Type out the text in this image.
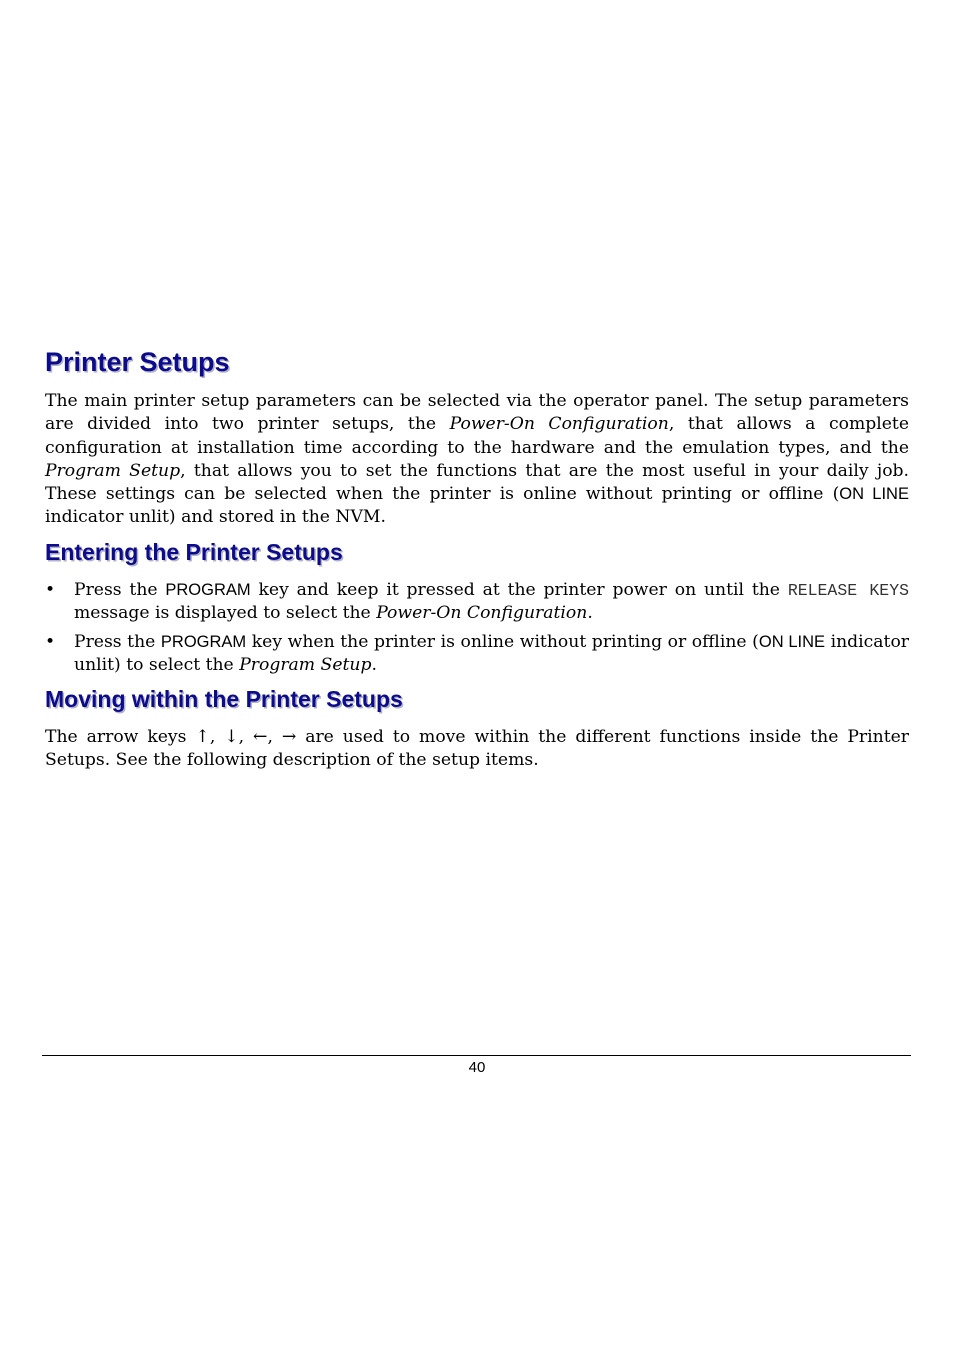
Printer Setups

The main printer setup parameters can be selected via the operator panel. The setup parameters are divided into two printer setups, the Power-On Configuration, that allows a complete configuration at installation time according to the hardware and the emulation types, and the Program Setup, that allows you to set the functions that are the most useful in your daily job. These settings can be selected when the printer is online without printing or offline (ON LINE indicator unlit) and stored in the NVM.

Entering the Printer Setups
• Press the PROGRAM key and keep it pressed at the printer power on until the RELEASE KEYS message is displayed to select the Power-On Configuration.
• Press the PROGRAM key when the printer is online without printing or offline (ON LINE indicator unlit) to select the Program Setup.
Moving within the Printer Setups

The arrow keys ↑, ↓, ←, → are used to move within the different functions inside the Printer Setups. See the following description of the setup items.

40
